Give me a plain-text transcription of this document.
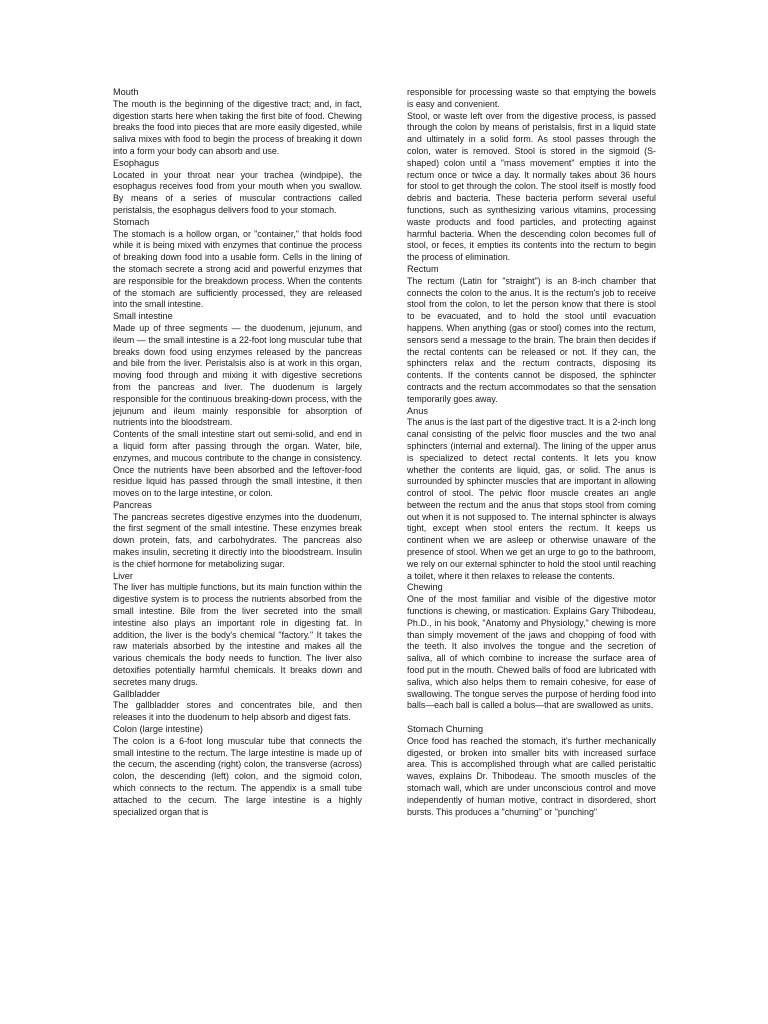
Mouth

The mouth is the beginning of the digestive tract; and, in fact, digestion starts here when taking the first bite of food. Chewing breaks the food into pieces that are more easily digested, while saliva mixes with food to begin the process of breaking it down into a form your body can absorb and use.

Esophagus

Located in your throat near your trachea (windpipe), the esophagus receives food from your mouth when you swallow. By means of a series of muscular contractions called peristalsis, the esophagus delivers food to your stomach.

Stomach

The stomach is a hollow organ, or "container," that holds food while it is being mixed with enzymes that continue the process of breaking down food into a usable form. Cells in the lining of the stomach secrete a strong acid and powerful enzymes that are responsible for the breakdown process. When the contents of the stomach are sufficiently processed, they are released into the small intestine.

Small intestine

Made up of three segments — the duodenum, jejunum, and ileum — the small intestine is a 22-foot long muscular tube that breaks down food using enzymes released by the pancreas and bile from the liver. Peristalsis also is at work in this organ, moving food through and mixing it with digestive secretions from the pancreas and liver. The duodenum is largely responsible for the continuous breaking-down process, with the jejunum and ileum mainly responsible for absorption of nutrients into the bloodstream.

Contents of the small intestine start out semi-solid, and end in a liquid form after passing through the organ. Water, bile, enzymes, and mucous contribute to the change in consistency. Once the nutrients have been absorbed and the leftover-food residue liquid has passed through the small intestine, it then moves on to the large intestine, or colon.

Pancreas

The pancreas secretes digestive enzymes into the duodenum, the first segment of the small intestine. These enzymes break down protein, fats, and carbohydrates. The pancreas also makes insulin, secreting it directly into the bloodstream. Insulin is the chief hormone for metabolizing sugar.

Liver

The liver has multiple functions, but its main function within the digestive system is to process the nutrients absorbed from the small intestine. Bile from the liver secreted into the small intestine also plays an important role in digesting fat. In addition, the liver is the body's chemical "factory." It takes the raw materials absorbed by the intestine and makes all the various chemicals the body needs to function. The liver also detoxifies potentially harmful chemicals. It breaks down and secretes many drugs.

Gallbladder

The gallbladder stores and concentrates bile, and then releases it into the duodenum to help absorb and digest fats.

Colon (large intestine)

The colon is a 6-foot long muscular tube that connects the small intestine to the rectum. The large intestine is made up of the cecum, the ascending (right) colon, the transverse (across) colon, the descending (left) colon, and the sigmoid colon, which connects to the rectum. The appendix is a small tube attached to the cecum. The large intestine is a highly specialized organ that is

responsible for processing waste so that emptying the bowels is easy and convenient.

Stool, or waste left over from the digestive process, is passed through the colon by means of peristalsis, first in a liquid state and ultimately in a solid form. As stool passes through the colon, water is removed. Stool is stored in the sigmoid (S-shaped) colon until a "mass movement" empties it into the rectum once or twice a day. It normally takes about 36 hours for stool to get through the colon. The stool itself is mostly food debris and bacteria. These bacteria perform several useful functions, such as synthesizing various vitamins, processing waste products and food particles, and protecting against harmful bacteria. When the descending colon becomes full of stool, or feces, it empties its contents into the rectum to begin the process of elimination.

Rectum

The rectum (Latin for "straight") is an 8-inch chamber that connects the colon to the anus. It is the rectum's job to receive stool from the colon, to let the person know that there is stool to be evacuated, and to hold the stool until evacuation happens. When anything (gas or stool) comes into the rectum, sensors send a message to the brain. The brain then decides if the rectal contents can be released or not. If they can, the sphincters relax and the rectum contracts, disposing its contents. If the contents cannot be disposed, the sphincter contracts and the rectum accommodates so that the sensation temporarily goes away.

Anus

The anus is the last part of the digestive tract. It is a 2-inch long canal consisting of the pelvic floor muscles and the two anal sphincters (internal and external). The lining of the upper anus is specialized to detect rectal contents. It lets you know whether the contents are liquid, gas, or solid. The anus is surrounded by sphincter muscles that are important in allowing control of stool. The pelvic floor muscle creates an angle between the rectum and the anus that stops stool from coming out when it is not supposed to. The internal sphincter is always tight, except when stool enters the rectum. It keeps us continent when we are asleep or otherwise unaware of the presence of stool. When we get an urge to go to the bathroom, we rely on our external sphincter to hold the stool until reaching a toilet, where it then relaxes to release the contents.

Chewing

One of the most familiar and visible of the digestive motor functions is chewing, or mastication. Explains Gary Thibodeau, Ph.D., in his book, "Anatomy and Physiology," chewing is more than simply movement of the jaws and chopping of food with the teeth. It also involves the tongue and the secretion of saliva, all of which combine to increase the surface area of food put in the mouth. Chewed balls of food are lubricated with saliva, which also helps them to remain cohesive, for ease of swallowing. The tongue serves the purpose of herding food into balls—each ball is called a bolus—that are swallowed as units.

Stomach Churning

Once food has reached the stomach, it's further mechanically digested, or broken into smaller bits with increased surface area. This is accomplished through what are called peristaltic waves, explains Dr. Thibodeau. The smooth muscles of the stomach wall, which are under unconscious control and move independently of human motive, contract in disordered, short bursts. This produces a "churning" or "punching"
